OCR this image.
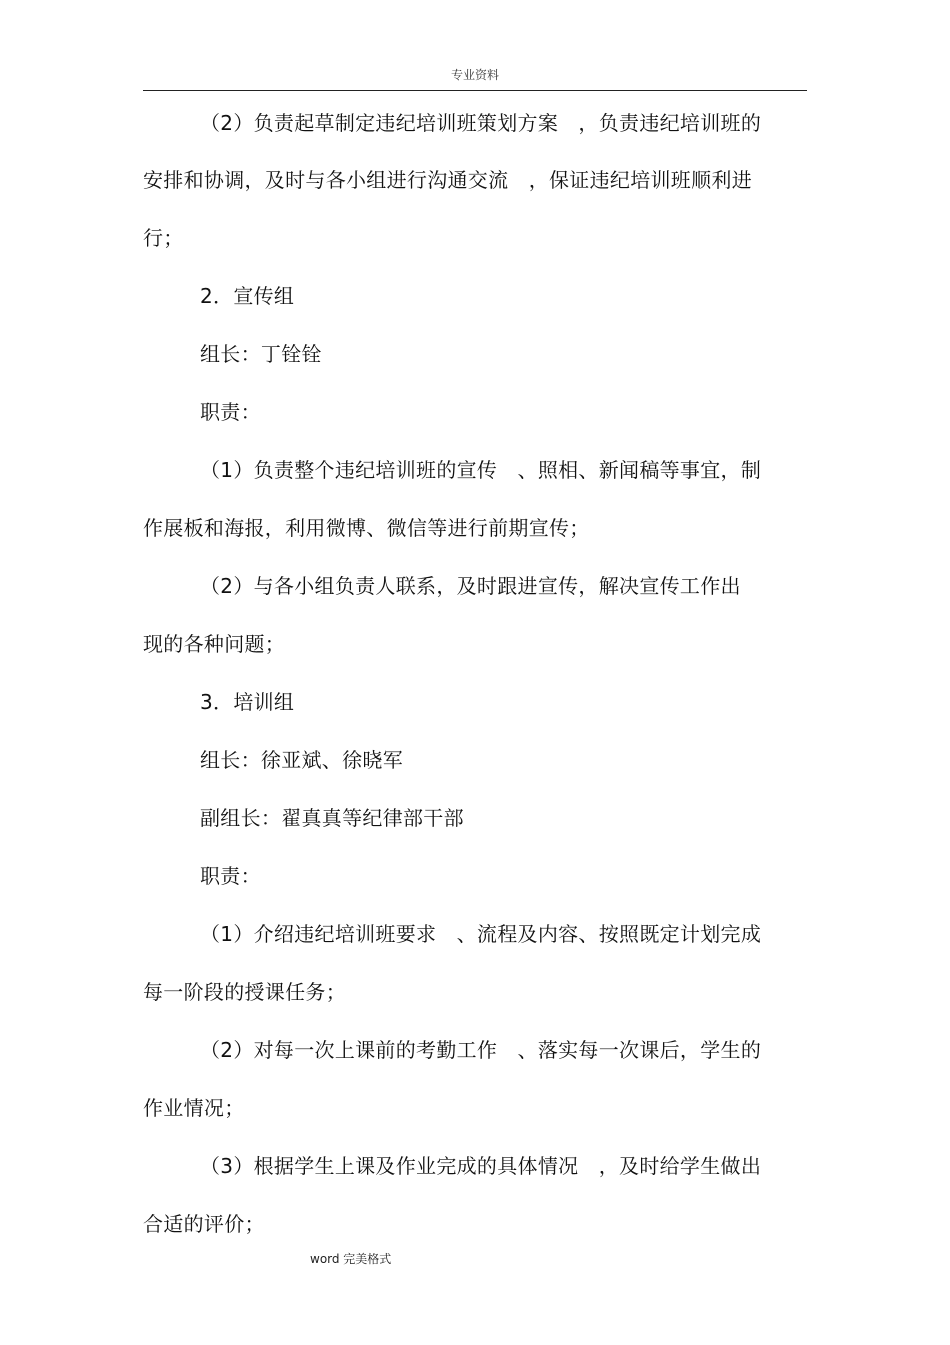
专业资料
（2）负责起草制定违纪培训班策划方案　，负责违纪培训班的
安排和协调，及时与各小组进行沟通交流　，保证违纪培训班顺利进
行；
2．宣传组
组长：丁铨铨
职责：
（1）负责整个违纪培训班的宣传　、照相、新闻稿等事宜，制
作展板和海报，利用微博、微信等进行前期宣传；
（2）与各小组负责人联系，及时跟进宣传，解决宣传工作出
现的各种问题；
3．培训组
组长：徐亚斌、徐晓军
副组长：翟真真等纪律部干部
职责：
（1）介绍违纪培训班要求　、流程及内容、按照既定计划完成
每一阶段的授课任务；
（2）对每一次上课前的考勤工作　、落实每一次课后，学生的
作业情况；
（3）根据学生上课及作业完成的具体情况　，及时给学生做出
合适的评价；
word 完美格式
